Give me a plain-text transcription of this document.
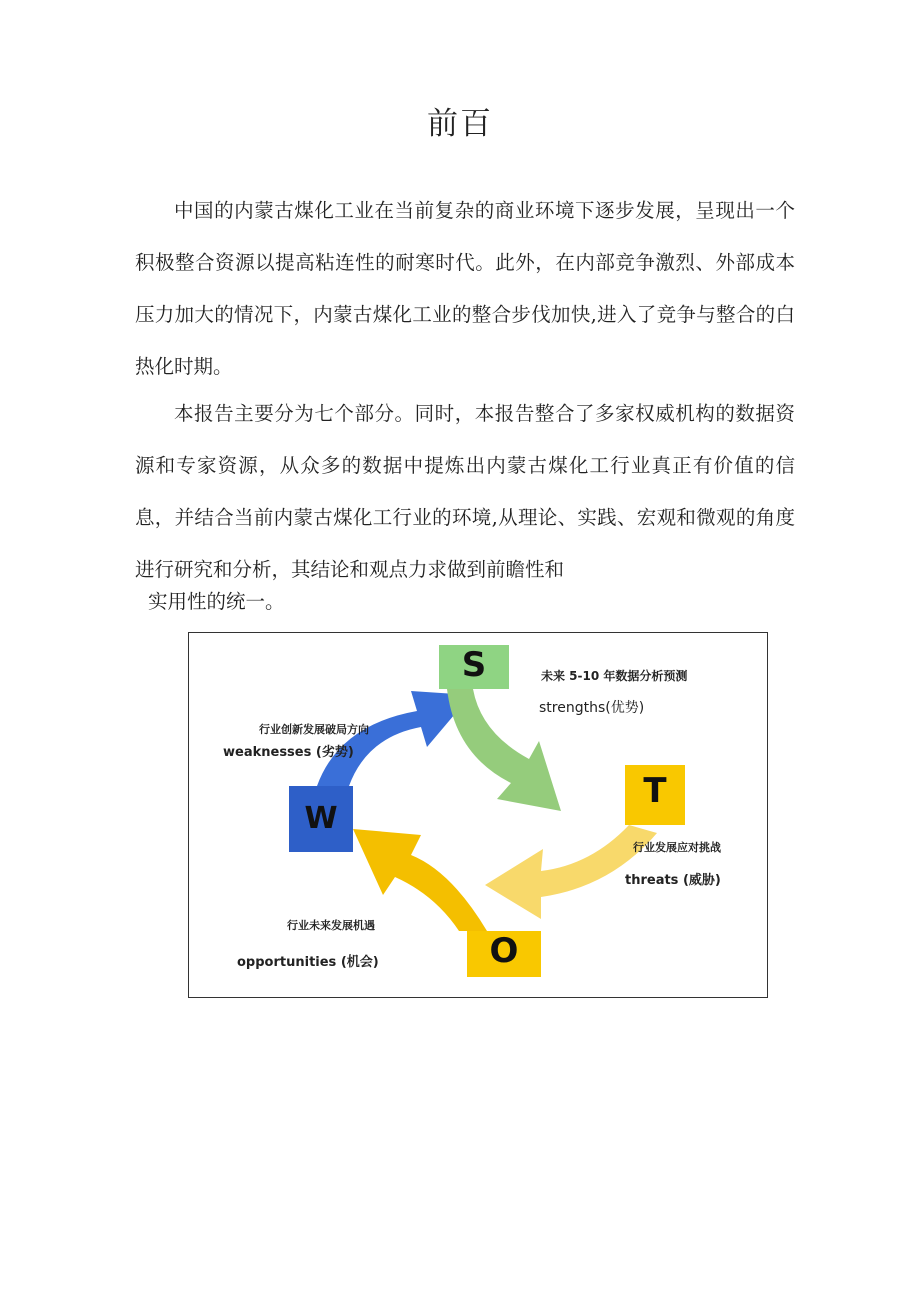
前百

中国的内蒙古煤化工业在当前复杂的商业环境下逐步发展，呈现出一个积极整合资源以提高粘连性的耐寒时代。此外，在内部竞争激烈、外部成本压力加大的情况下，内蒙古煤化工业的整合步伐加快,进入了竞争与整合的白热化时期。

本报告主要分为七个部分。同时，本报告整合了多家权威机构的数据资源和专家资源，从众多的数据中提炼出内蒙古煤化工行业真正有价值的信息，并结合当前内蒙古煤化工行业的环境,从理论、实践、宏观和微观的角度进行研究和分析，其结论和观点力求做到前瞻性和

实用性的统一。
S
T
O
W
未来 5-10 年数据分析预测
strengths(优势)
行业创新发展破局方向
weaknesses (劣势)
行业发展应对挑战
threats (威胁)
行业未来发展机遇
opportunities (机会)
